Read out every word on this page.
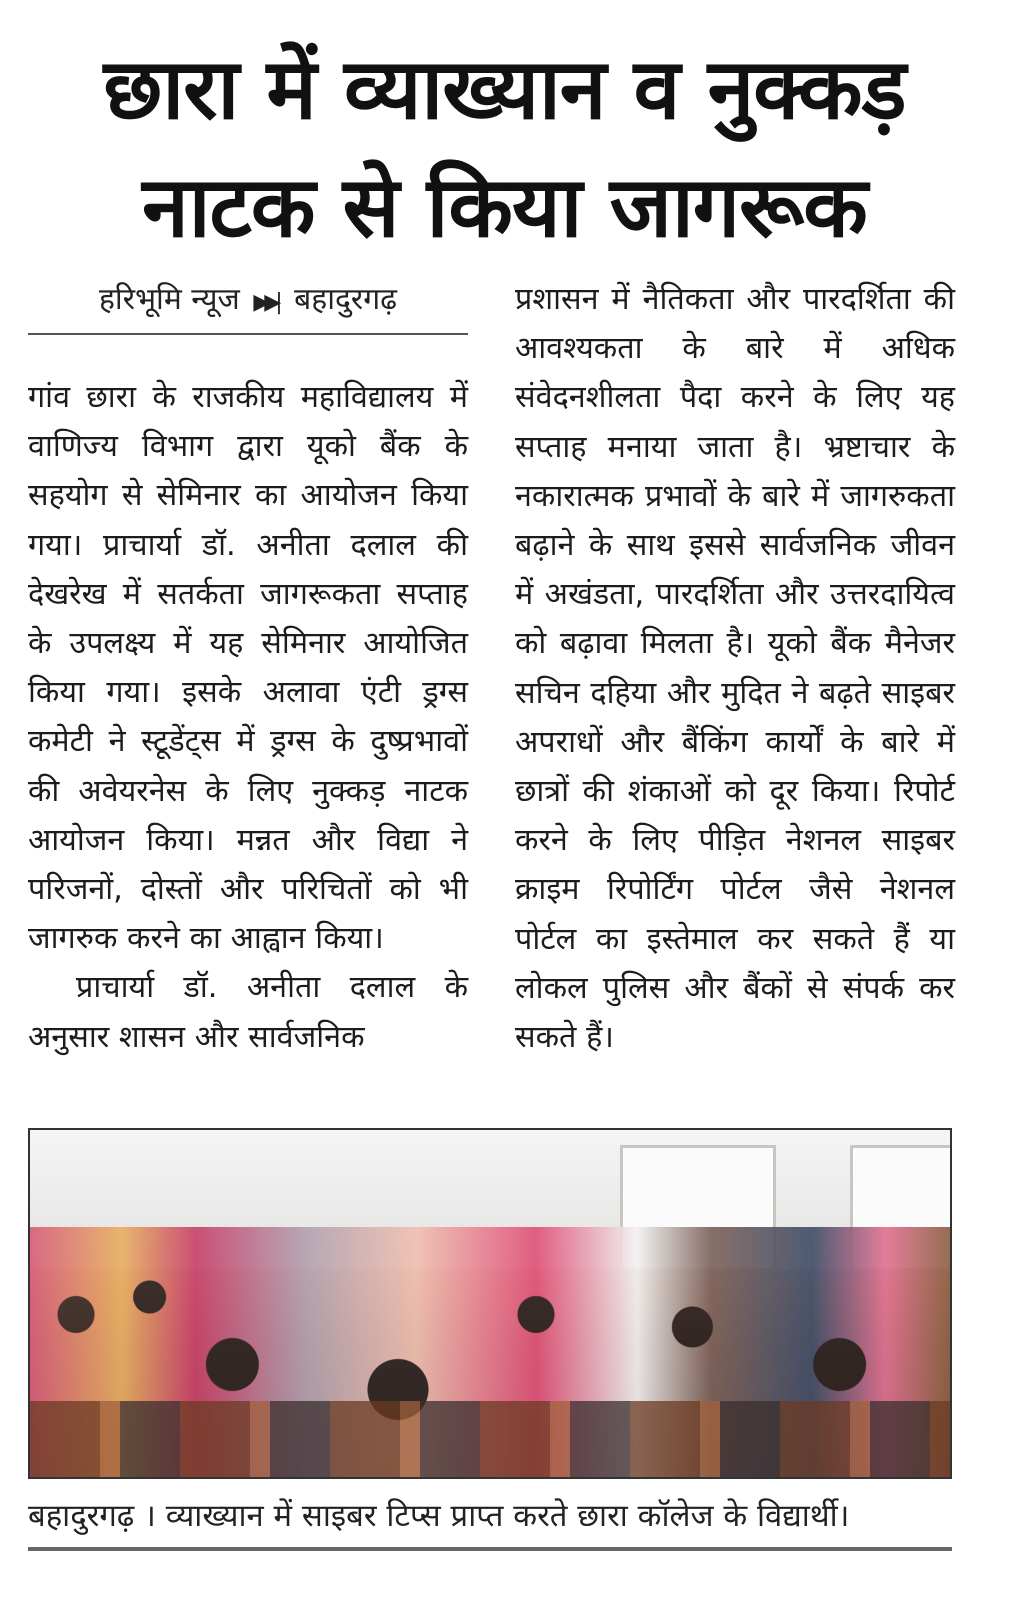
छारा में व्याख्यान व नुक्कड़
नाटक से किया जागरूक
हरिभूमि न्यूज ▶▶| बहादुरगढ़

गांव छारा के राजकीय महाविद्यालय में वाणिज्य विभाग द्वारा यूको बैंक के सहयोग से सेमिनार का आयोजन किया गया। प्राचार्या डॉ. अनीता दलाल की देखरेख में सतर्कता जागरूकता सप्ताह के उपलक्ष्य में यह सेमिनार आयोजित किया गया। इसके अलावा एंटी ड्रग्स कमेटी ने स्टूडेंट्स में ड्रग्स के दुष्प्रभावों की अवेयरनेस के लिए नुक्कड़ नाटक आयोजन किया। मन्नत और विद्या ने परिजनों, दोस्तों और परिचितों को भी जागरुक करने का आह्वान किया।

प्राचार्या डॉ. अनीता दलाल के अनुसार शासन और सार्वजनिक

प्रशासन में नैतिकता और पारदर्शिता की आवश्यकता के बारे में अधिक संवेदनशीलता पैदा करने के लिए यह सप्ताह मनाया जाता है। भ्रष्टाचार के नकारात्मक प्रभावों के बारे में जागरुकता बढ़ाने के साथ इससे सार्वजनिक जीवन में अखंडता, पारदर्शिता और उत्तरदायित्व को बढ़ावा मिलता है। यूको बैंक मैनेजर सचिन दहिया और मुदित ने बढ़ते साइबर अपराधों और बैंकिंग कार्यों के बारे में छात्रों की शंकाओं को दूर किया। रिपोर्ट करने के लिए पीड़ित नेशनल साइबर क्राइम रिपोर्टिंग पोर्टल जैसे नेशनल पोर्टल का इस्तेमाल कर सकते हैं या लोकल पुलिस और बैंकों से संपर्क कर सकते हैं।

बहादुरगढ़ । व्याख्यान में साइबर टिप्स प्राप्त करते छारा कॉलेज के विद्यार्थी।
